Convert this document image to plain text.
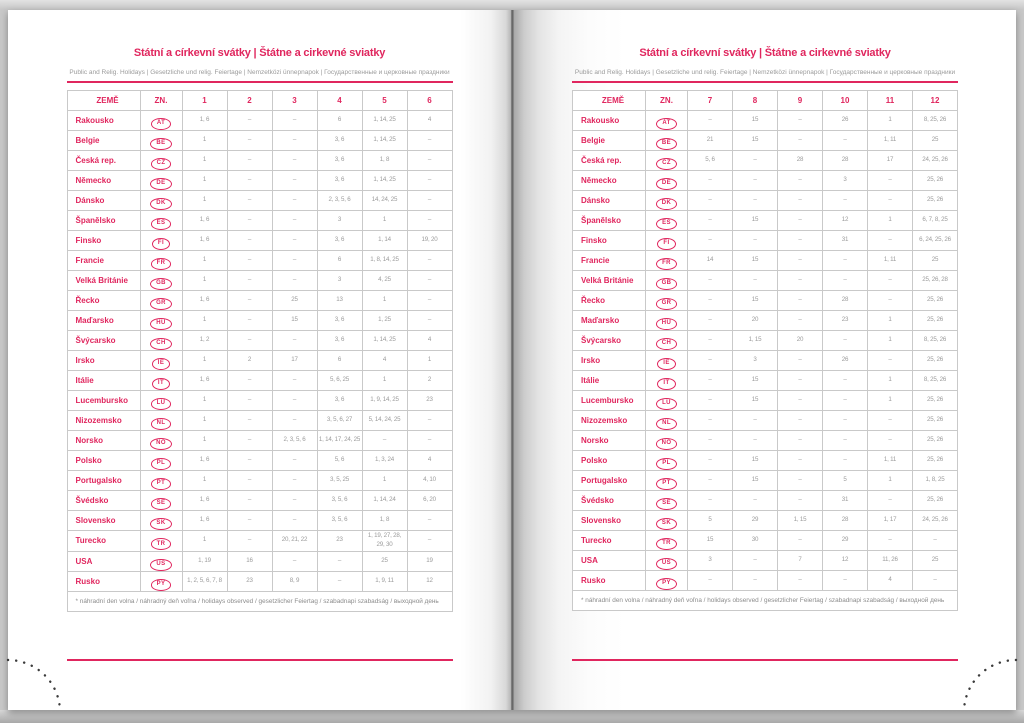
Státní a církevní svátky | Štátne a cirkevné sviatky

Public and Relig. Holidays | Gesetzliche und relig. Feiertage | Nemzetközi ünnepnapok | Государственные и церковные праздники

ZEMĚ	ZN.	1	2	3	4	5	6
Rakousko	AT	1, 6	–	–	6	1, 14, 25	4
Belgie	BE	1	–	–	3, 6	1, 14, 25	–
Česká rep.	CZ	1	–	–	3, 6	1, 8	–
Německo	DE	1	–	–	3, 6	1, 14, 25	–
Dánsko	DK	1	–	–	2, 3, 5, 6	14, 24, 25	–
Španělsko	ES	1, 6	–	–	3	1	–
Finsko	FI	1, 6	–	–	3, 6	1, 14	19, 20
Francie	FR	1	–	–	6	1, 8, 14, 25	–
Velká Británie	GB	1	–	–	3	4, 25	–
Řecko	GR	1, 6	–	25	13	1	–
Maďarsko	HU	1	–	15	3, 6	1, 25	–
Švýcarsko	CH	1, 2	–	–	3, 6	1, 14, 25	4
Irsko	IE	1	2	17	6	4	1
Itálie	IT	1, 6	–	–	5, 6, 25	1	2
Lucembursko	LU	1	–	–	3, 6	1, 9, 14, 25	23
Nizozemsko	NL	1	–	–	3, 5, 6, 27	5, 14, 24, 25	–
Norsko	NO	1	–	2, 3, 5, 6	1, 14, 17, 24, 25	–	–
Polsko	PL	1, 6	–	–	5, 6	1, 3, 24	4
Portugalsko	PT	1	–	–	3, 5, 25	1	4, 10
Švédsko	SE	1, 6	–	–	3, 5, 6	1, 14, 24	6, 20
Slovensko	SK	1, 6	–	–	3, 5, 6	1, 8	–
Turecko	TR	1	–	20, 21, 22	23	1, 19, 27, 28, 29, 30	–
USA	US	1, 19	16	–	–	25	19
Rusko	PY	1, 2, 5, 6, 7, 8	23	8, 9	–	1, 9, 11	12
* náhradní den volna / náhradný deň voľna / holidays observed / gesetzlicher Feiertag / szabadnapi szabadság / выходной день							
Státní a církevní svátky | Štátne a cirkevné sviatky

Public and Relig. Holidays | Gesetzliche und relig. Feiertage | Nemzetközi ünnepnapok | Государственные и церковные праздники

ZEMĚ	ZN.	7	8	9	10	11	12
Rakousko	AT	–	15	–	26	1	8, 25, 26
Belgie	BE	21	15	–	–	1, 11	25
Česká rep.	CZ	5, 6	–	28	28	17	24, 25, 26
Německo	DE	–	–	–	3	–	25, 26
Dánsko	DK	–	–	–	–	–	25, 26
Španělsko	ES	–	15	–	12	1	6, 7, 8, 25
Finsko	FI	–	–	–	31	–	6, 24, 25, 26
Francie	FR	14	15	–	–	1, 11	25
Velká Británie	GB	–	–	–	–	–	25, 26, 28
Řecko	GR	–	15	–	28	–	25, 26
Maďarsko	HU	–	20	–	23	1	25, 26
Švýcarsko	CH	–	1, 15	20	–	1	8, 25, 26
Irsko	IE	–	3	–	26	–	25, 26
Itálie	IT	–	15	–	–	1	8, 25, 26
Lucembursko	LU	–	15	–	–	1	25, 26
Nizozemsko	NL	–	–	–	–	–	25, 26
Norsko	NO	–	–	–	–	–	25, 26
Polsko	PL	–	15	–	–	1, 11	25, 26
Portugalsko	PT	–	15	–	5	1	1, 8, 25
Švédsko	SE	–	–	–	31	–	25, 26
Slovensko	SK	5	29	1, 15	28	1, 17	24, 25, 26
Turecko	TR	15	30	–	29	–	–
USA	US	3	–	7	12	11, 26	25
Rusko	PY	–	–	–	–	4	–
* náhradní den volna / náhradný deň voľna / holidays observed / gesetzlicher Feiertag / szabadnapi szabadság / выходной день							
